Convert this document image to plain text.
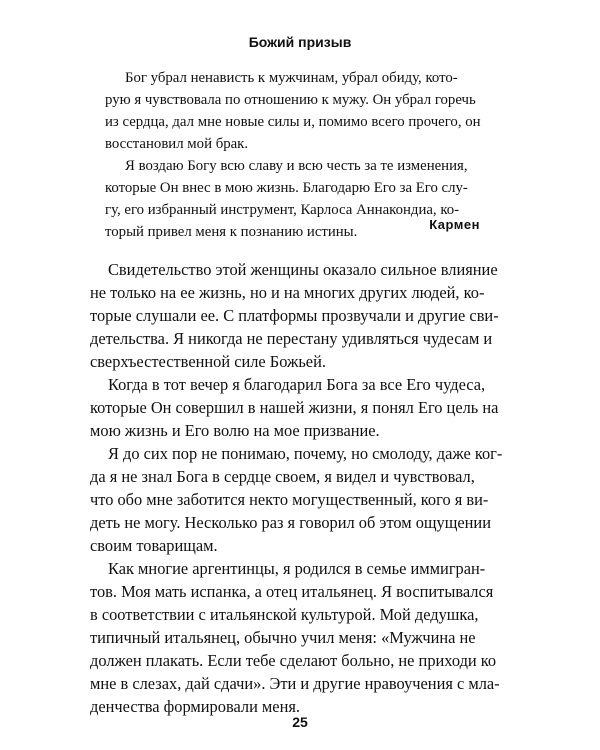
Божий призыв

Бог убрал ненависть к мужчинам, убрал обиду, кото-

рую я чувствовала по отношению к мужу. Он убрал горечь

из сердца, дал мне новые силы и, помимо всего прочего, он

восстановил мой брак.

Я воздаю Богу всю славу и всю честь за те изменения,

которые Он внес в мою жизнь. Благодарю Его за Его слу-

гу, его избранный инструмент, Карлоса Аннакондиа, ко-

торый привел меня к познанию истины.	Кармен

Свидетельство этой женщины оказало сильное влияние

не только на ее жизнь, но и на многих других людей, ко-

торые слушали ее. С платформы прозвучали и другие сви-

детельства. Я никогда не перестану удивляться чудесам и

сверхъестественной силе Божьей.

Когда в тот вечер я благодарил Бога за все Его чудеса,

которые Он совершил в нашей жизни, я понял Его цель на

мою жизнь и Его волю на мое призвание.

Я до сих пор не понимаю, почему, но смолоду, даже ког-

да я не знал Бога в сердце своем, я видел и чувствовал,

что обо мне заботится некто могущественный, кого я ви-

деть не могу. Несколько раз я говорил об этом ощущении

своим товарищам.

Как многие аргентинцы, я родился в семье иммигран-

тов. Моя мать испанка, а отец итальянец. Я воспитывался

в соответствии с итальянской культурой. Мой дедушка,

типичный итальянец, обычно учил меня: «Мужчина не

должен плакать. Если тебе сделают больно, не приходи ко

мне в слезах, дай сдачи». Эти и другие нравоучения с мла-

денчества формировали меня.

25
